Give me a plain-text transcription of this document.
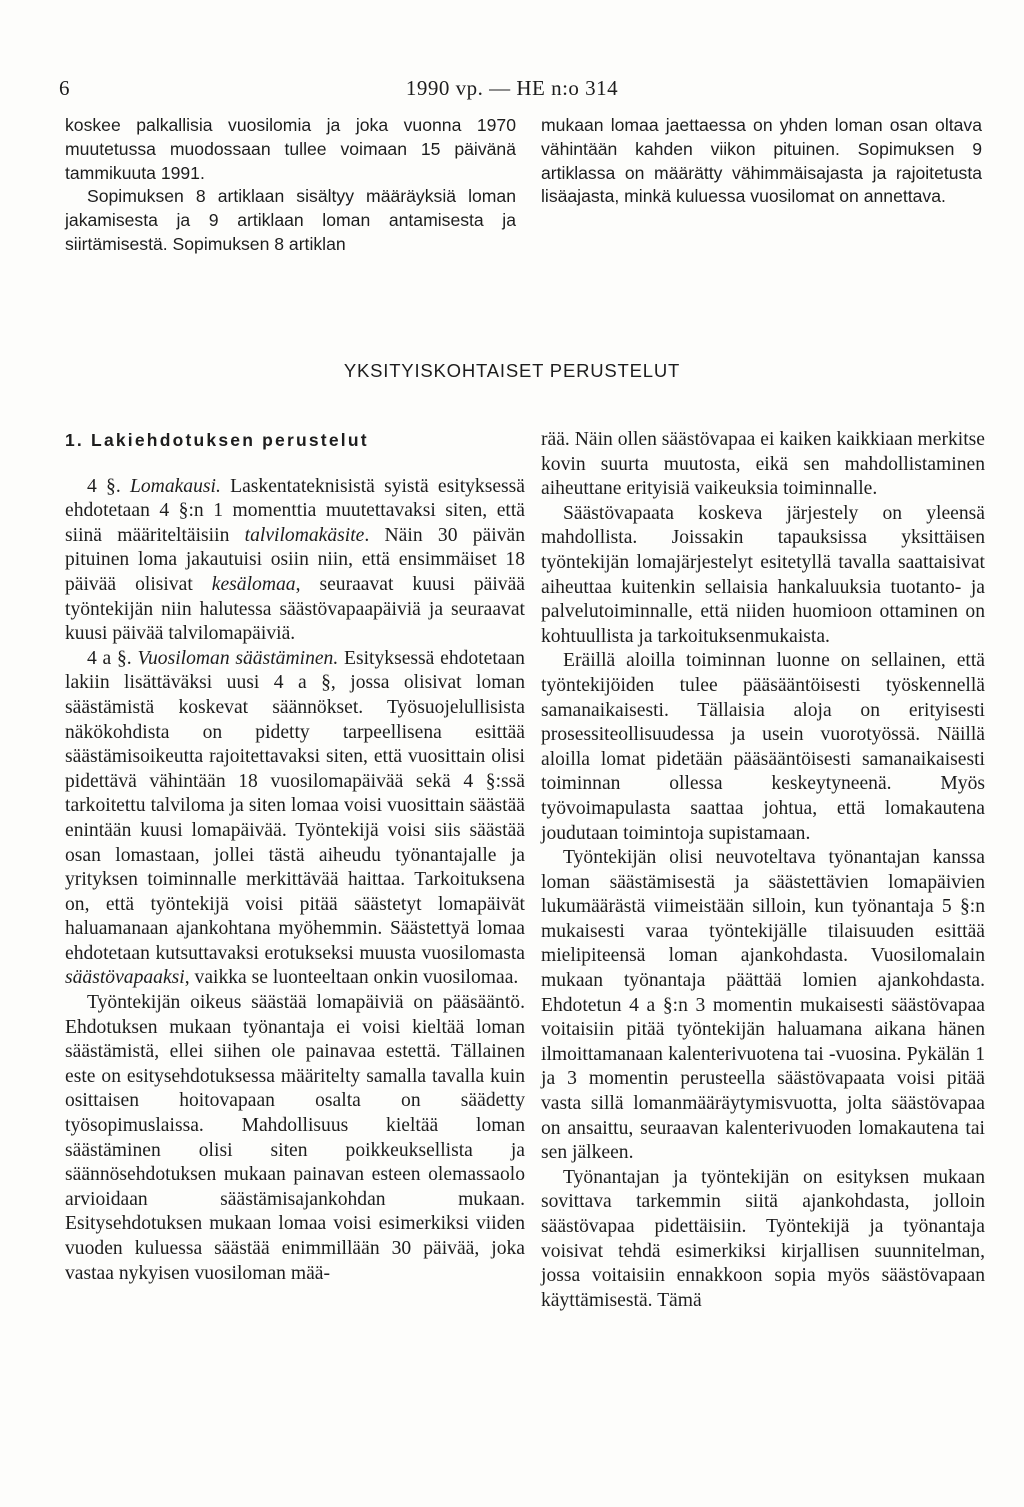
6	1990 vp. — HE n:o 314

koskee palkallisia vuosilomia ja joka vuonna 1970 muutetussa muodossaan tullee voimaan 15 päivänä tammikuuta 1991.

Sopimuksen 8 artiklaan sisältyy määräyksiä loman jakamisesta ja 9 artiklaan loman antamisesta ja siirtämisestä. Sopimuksen 8 artiklan

mukaan lomaa jaettaessa on yhden loman osan oltava vähintään kahden viikon pituinen. Sopimuksen 9 artiklassa on määrätty vähimmäisajasta ja rajoitetusta lisäajasta, minkä kuluessa vuosilomat on annettava.

YKSITYISKOHTAISET PERUSTELUT
1. Lakiehdotuksen perustelut

4 §. Lomakausi. Laskentateknisistä syistä esityksessä ehdotetaan 4 §:n 1 momenttia muutettavaksi siten, että siinä määriteltäisiin talvilomakäsite. Näin 30 päivän pituinen loma jakautuisi osiin niin, että ensimmäiset 18 päivää olisivat kesälomaa, seuraavat kuusi päivää työntekijän niin halutessa säästövapaapäiviä ja seuraavat kuusi päivää talvilomapäiviä.

4 a §. Vuosiloman säästäminen. Esityksessä ehdotetaan lakiin lisättäväksi uusi 4 a §, jossa olisivat loman säästämistä koskevat säännökset. Työsuojelullisista näkökohdista on pidetty tarpeellisena esittää säästämisoikeutta rajoitettavaksi siten, että vuosittain olisi pidettävä vähintään 18 vuosilomapäivää sekä 4 §:ssä tarkoitettu talviloma ja siten lomaa voisi vuosittain säästää enintään kuusi lomapäivää. Työntekijä voisi siis säästää osan lomastaan, jollei tästä aiheudu työnantajalle ja yrityksen toiminnalle merkittävää haittaa. Tarkoituksena on, että työntekijä voisi pitää säästetyt lomapäivät haluamanaan ajankohtana myöhemmin. Säästettyä lomaa ehdotetaan kutsuttavaksi erotukseksi muusta vuosilomasta säästövapaaksi, vaikka se luonteeltaan onkin vuosilomaa.

Työntekijän oikeus säästää lomapäiviä on pääsääntö. Ehdotuksen mukaan työnantaja ei voisi kieltää loman säästämistä, ellei siihen ole painavaa estettä. Tällainen este on esitysehdotuksessa määritelty samalla tavalla kuin osittaisen hoitovapaan osalta on säädetty työsopimuslaissa. Mahdollisuus kieltää loman säästäminen olisi siten poikkeuksellista ja säännösehdotuksen mukaan painavan esteen olemassaolo arvioidaan säästämisajankohdan mukaan. Esitysehdotuksen mukaan lomaa voisi esimerkiksi viiden vuoden kuluessa säästää enimmillään 30 päivää, joka vastaa nykyisen vuosiloman mää-

rää. Näin ollen säästövapaa ei kaiken kaikkiaan merkitse kovin suurta muutosta, eikä sen mahdollistaminen aiheuttane erityisiä vaikeuksia toiminnalle.

Säästövapaata koskeva järjestely on yleensä mahdollista. Joissakin tapauksissa yksittäisen työntekijän lomajärjestelyt esitetyllä tavalla saattaisivat aiheuttaa kuitenkin sellaisia hankaluuksia tuotanto- ja palvelutoiminnalle, että niiden huomioon ottaminen on kohtuullista ja tarkoituksenmukaista.

Eräillä aloilla toiminnan luonne on sellainen, että työntekijöiden tulee pääsääntöisesti työskennellä samanaikaisesti. Tällaisia aloja on erityisesti prosessiteollisuudessa ja usein vuorotyössä. Näillä aloilla lomat pidetään pääsääntöisesti samanaikaisesti toiminnan ollessa keskeytyneenä. Myös työvoimapulasta saattaa johtua, että lomakautena joudutaan toimintoja supistamaan.

Työntekijän olisi neuvoteltava työnantajan kanssa loman säästämisestä ja säästettävien lomapäivien lukumäärästä viimeistään silloin, kun työnantaja 5 §:n mukaisesti varaa työntekijälle tilaisuuden esittää mielipiteensä loman ajankohdasta. Vuosilomalain mukaan työnantaja päättää lomien ajankohdasta. Ehdotetun 4 a §:n 3 momentin mukaisesti säästövapaa voitaisiin pitää työntekijän haluamana aikana hänen ilmoittamanaan kalenterivuotena tai -vuosina. Pykälän 1 ja 3 momentin perusteella säästövapaata voisi pitää vasta sillä lomanmääräytymisvuotta, jolta säästövapaa on ansaittu, seuraavan kalenterivuoden lomakautena tai sen jälkeen.

Työnantajan ja työntekijän on esityksen mukaan sovittava tarkemmin siitä ajankohdasta, jolloin säästövapaa pidettäisiin. Työntekijä ja työnantaja voisivat tehdä esimerkiksi kirjallisen suunnitelman, jossa voitaisiin ennakkoon sopia myös säästövapaan käyttämisestä. Tämä
